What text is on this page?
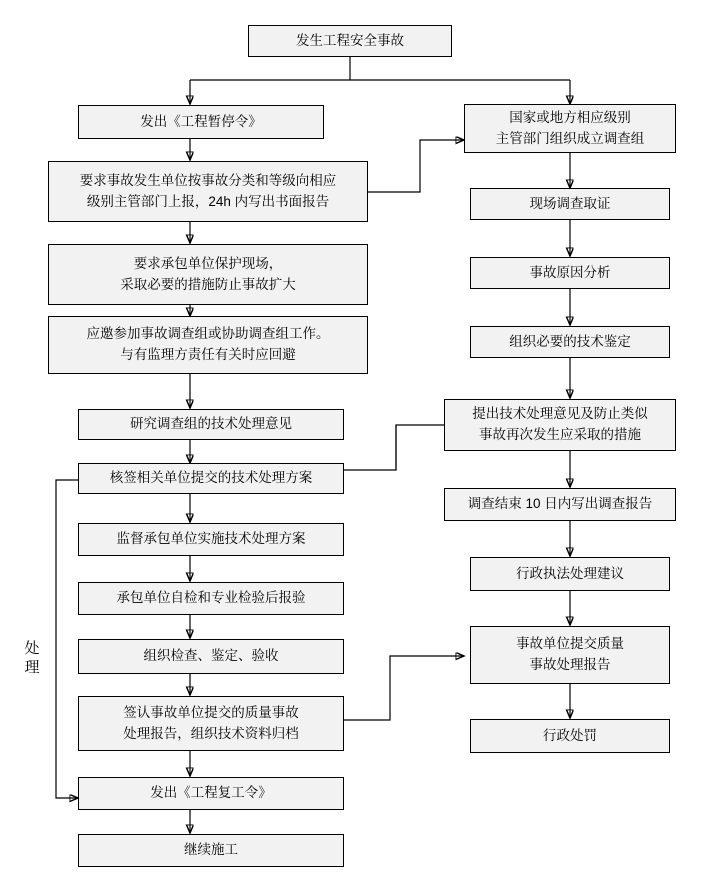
发生工程安全事故
发出《工程暂停令》	国家或地方相应级别
主管部门组织成立调查组
要求事故发生单位按事故分类和等级向相应
级别主管部门上报，24h 内写出书面报告	现场调查取证
要求承包单位保护现场，
采取必要的措施防止事故扩大
事故原因分析
应邀参加事故调查组或协助调查组工作。
与有监理方责任有关时应回避
组织必要的技术鉴定
研究调查组的技术处理意见
提出技术处理意见及防止类似
事故再次发生应采取的措施
核签相关单位提交的技术处理方案
调查结束 10 日内写出调查报告
监督承包单位实施技术处理方案
行政执法处理建议
承包单位自检和专业检验后报验
组织检查、鉴定、验收
事故单位提交质量
事故处理报告
签认事故单位提交的质量事故
处理报告，组织技术资料归档	行政处罚
发出《工程复工令》
继续施工
处理
